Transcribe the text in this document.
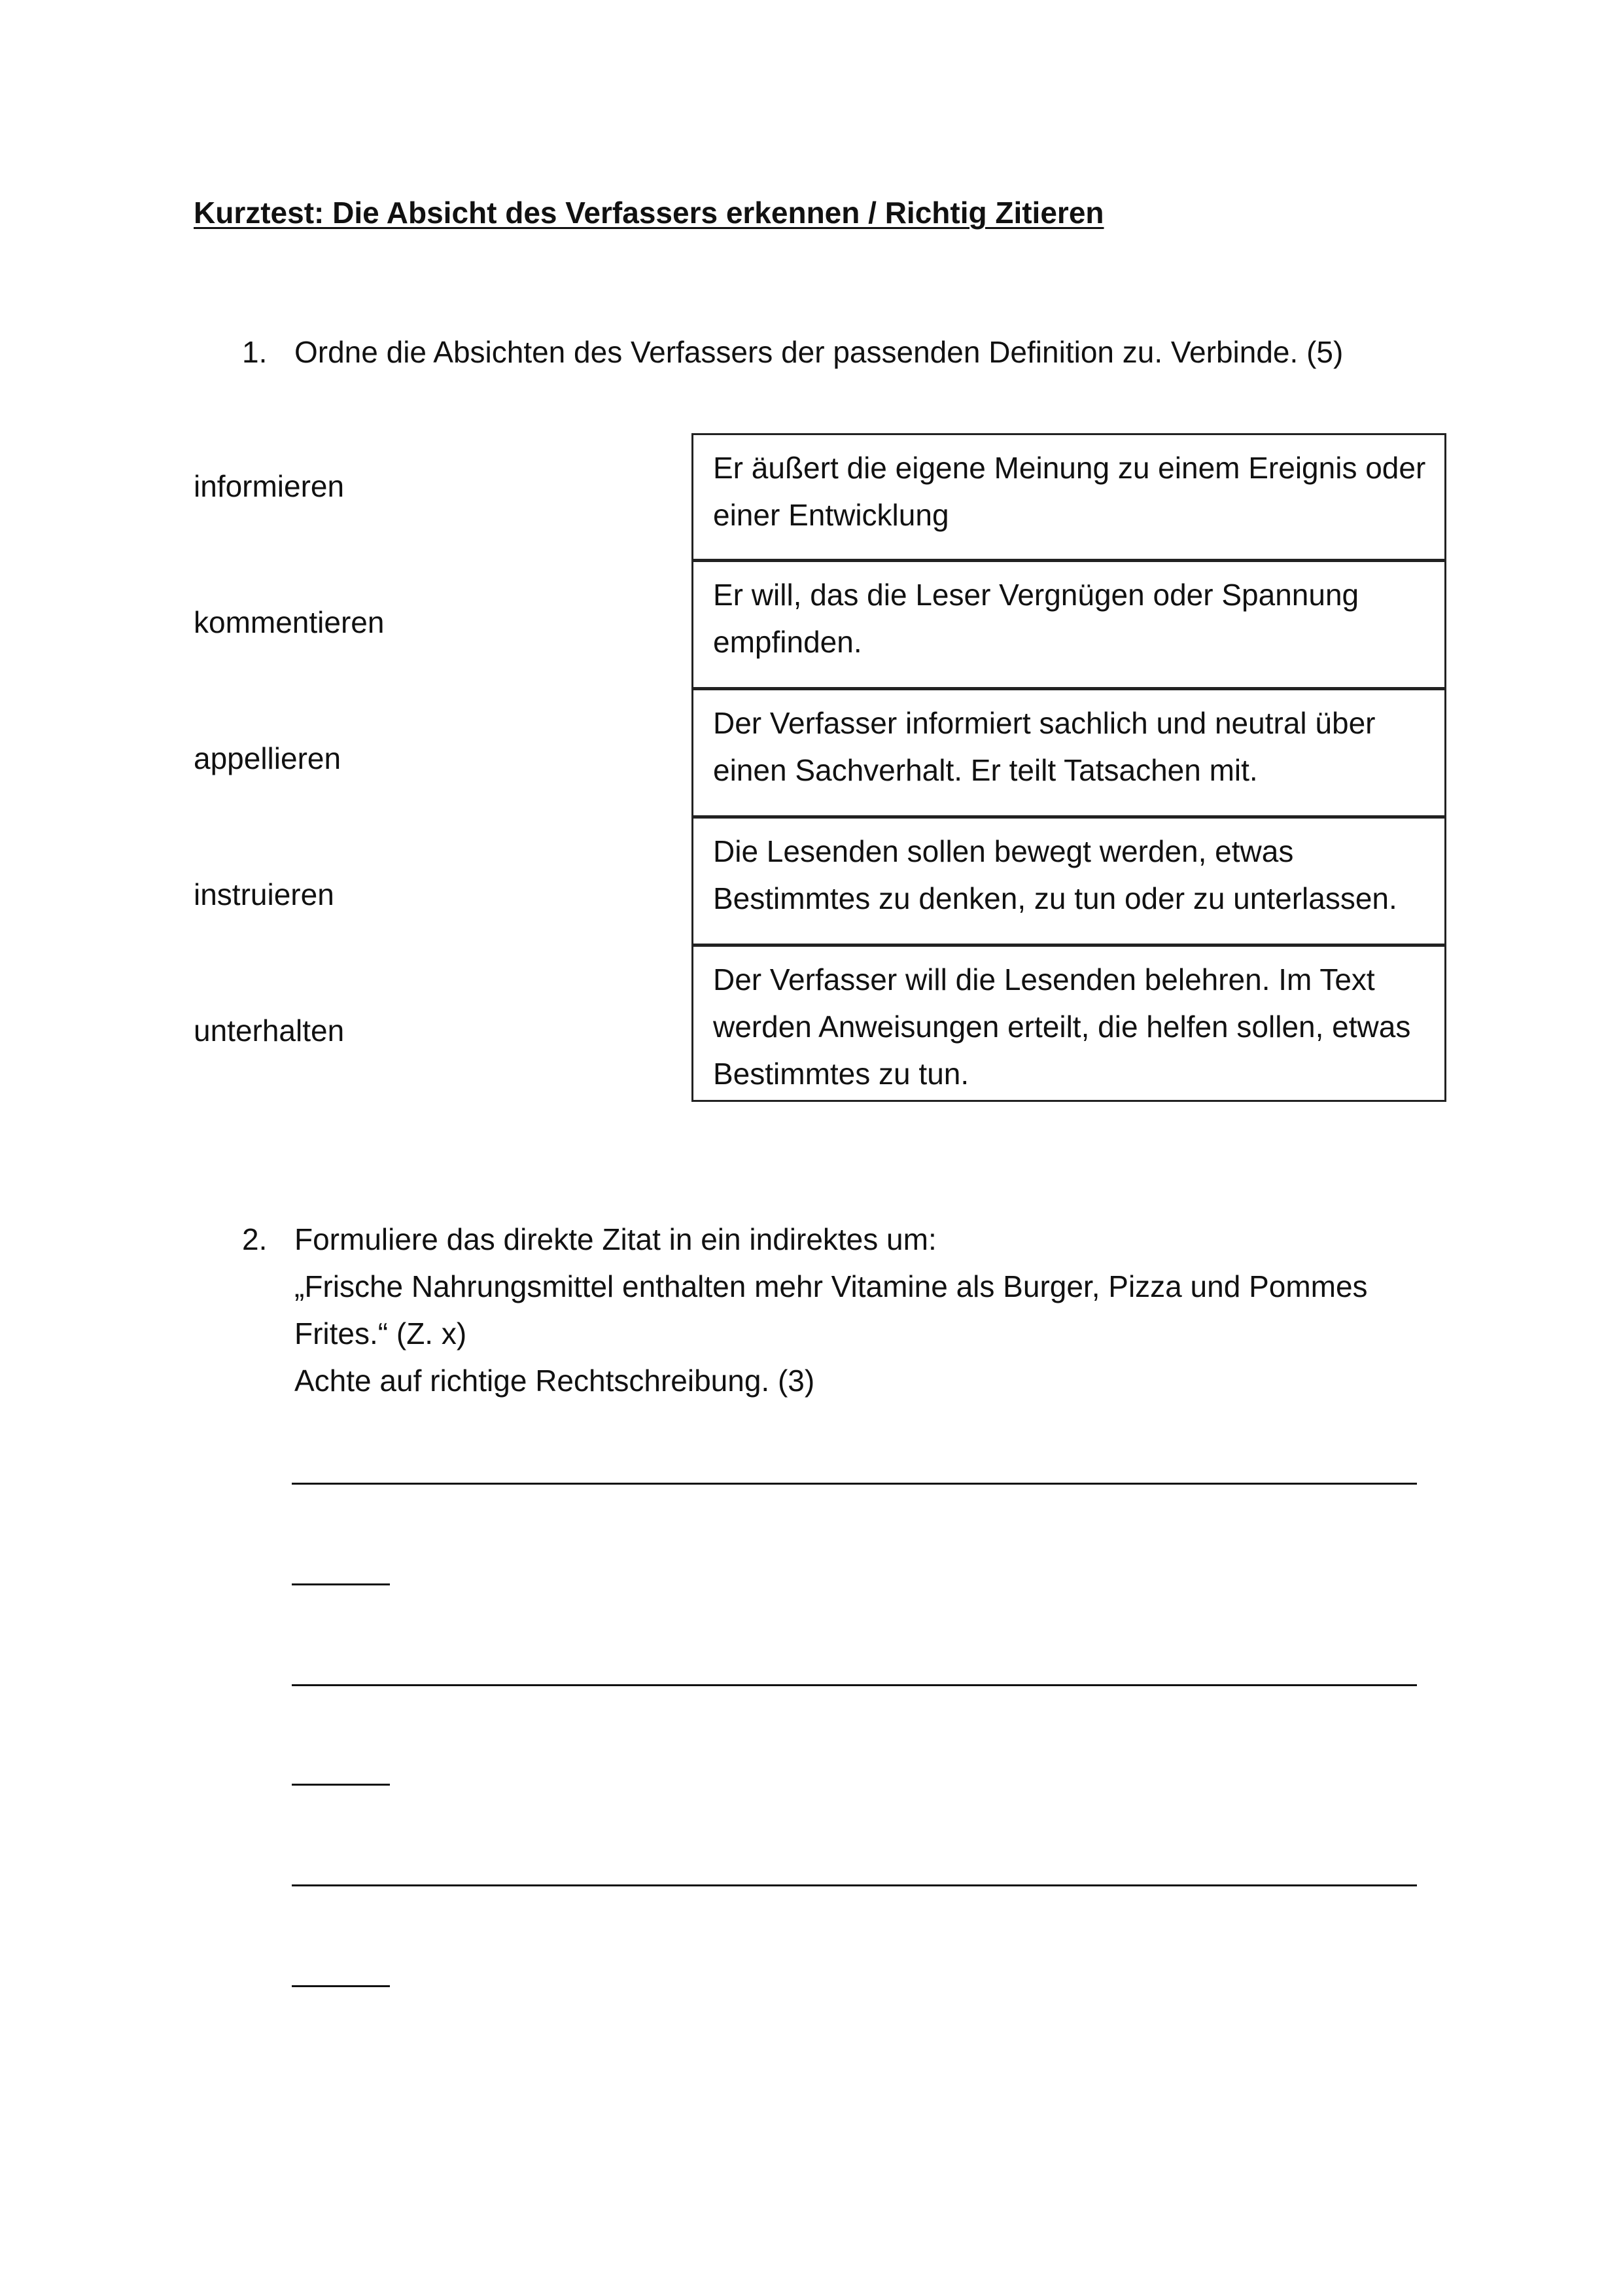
Kurztest: Die Absicht des Verfassers erkennen / Richtig Zitieren
1. Ordne die Absichten des Verfassers der passenden Definition zu. Verbinde. (5)
informieren
kommentieren
appellieren
instruieren
unterhalten
Er äußert die eigene Meinung zu einem Ereignis oder
einer Entwicklung
Er will, das die Leser Vergnügen oder Spannung
empfinden.
Der Verfasser informiert sachlich und neutral über
einen Sachverhalt. Er teilt Tatsachen mit.
Die Lesenden sollen bewegt werden, etwas
Bestimmtes zu denken, zu tun oder zu unterlassen.
Der Verfasser will die Lesenden belehren. Im Text
werden Anweisungen erteilt, die helfen sollen, etwas
Bestimmtes zu tun.
2. Formuliere das direkte Zitat in ein indirektes um:
„Frische Nahrungsmittel enthalten mehr Vitamine als Burger, Pizza und Pommes
Frites.“ (Z. x)
Achte auf richtige Rechtschreibung. (3)
